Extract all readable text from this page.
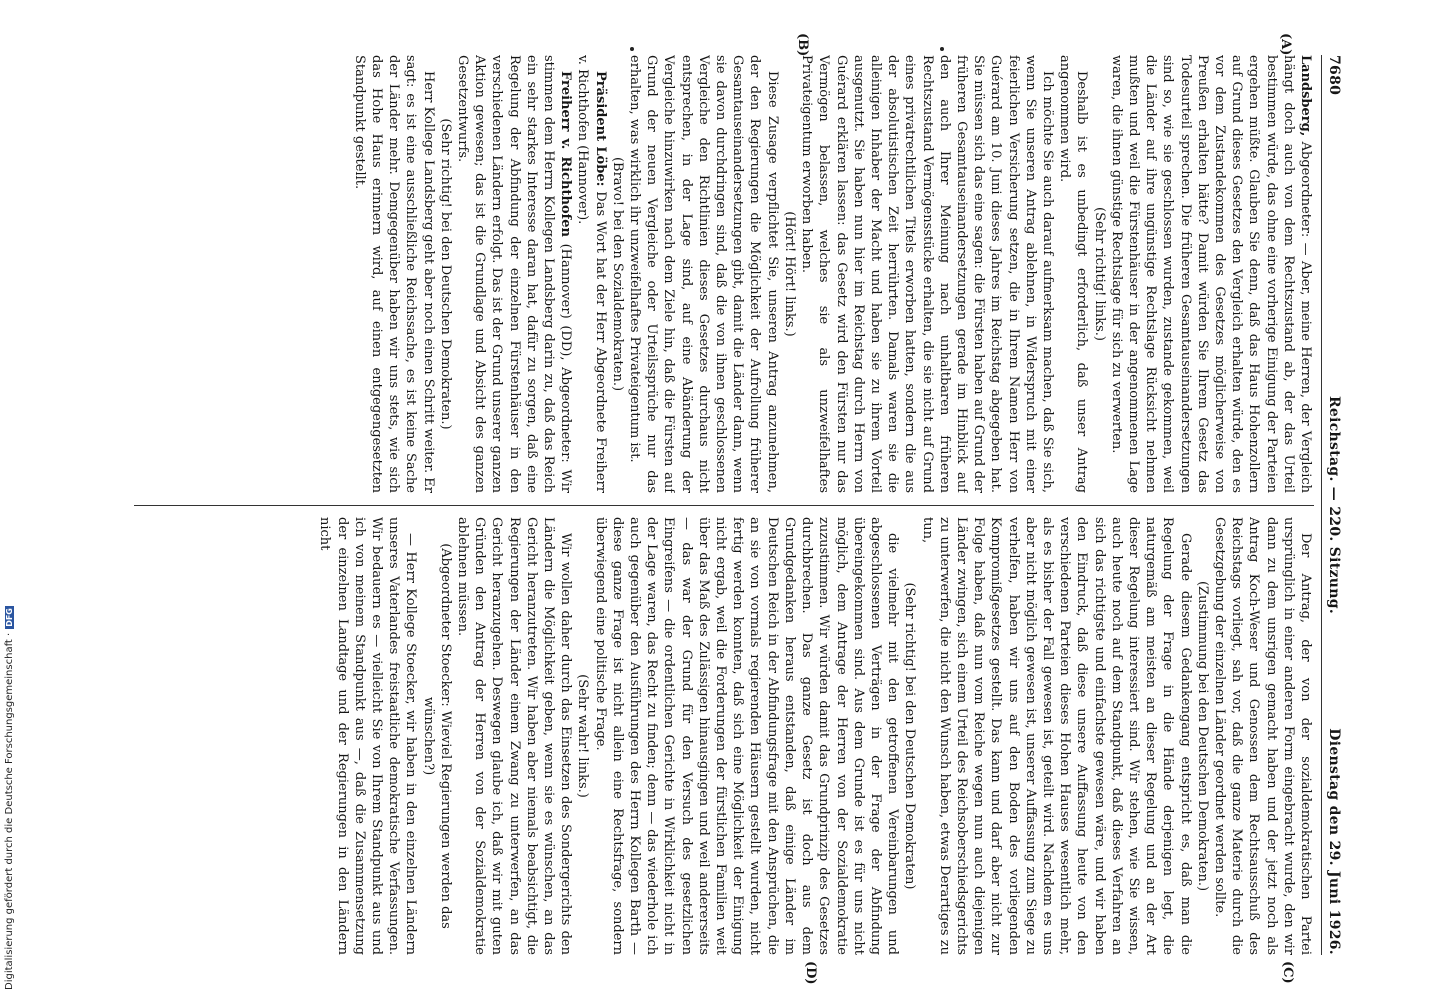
Reichstag. — 220. Sitzung.
7680
Dienstag den 29. Juni 1926.
(A)
(B)
(C)
(D)

Landsberg, Abgeordneter: — Aber, meine Herren, der Vergleich hängt doch auch von dem Rechtszustand ab, der das Urteil bestimmen würde, das ohne eine vorherige Einigung der Parteien ergehen müßte. Glauben Sie denn, daß das Haus Hohenzollern auf Grund dieses Gesetzes den Vergleich erhalten würde, den es vor dem Zustandekommen des Gesetzes möglicherweise von Preußen erhalten hätte? Damit würden Sie Ihrem Gesetz das Todesurteil sprechen. Die früheren Gesamtauseinandersetzungen sind so, wie sie geschlossen wurden, zustande gekommen, weil die Länder auf ihre ungünstige Rechtslage Rücksicht nehmen mußten und weil die Fürstenhäuser in der angenommenen Lage waren, die ihnen günstige Rechtslage für sich zu verwerten.

(Sehr richtig! links.)

Deshalb ist es unbedingt erforderlich, daß unser Antrag angenommen wird.

Ich möchte Sie auch darauf aufmerksam machen, daß Sie sich, wenn Sie unseren Antrag ablehnen, in Widerspruch mit einer feierlichen Versicherung setzen, die in Ihrem Namen Herr von Guérard am 10. Juni dieses Jahres im Reichstag abgegeben hat. Sie müssen sich das eine sagen: die Fürsten haben auf Grund der früheren Gesamtauseinandersetzungen gerade im Hinblick auf den auch Ihrer Meinung nach unhaltbaren früheren Rechtszustand Vermögensstücke erhalten, die sie nicht auf Grund eines privatrechtlichen Titels erworben hatten, sondern die aus der absolutistischen Zeit herrührten. Damals waren sie die alleinigen Inhaber der Macht und haben sie zu ihrem Vorteil ausgenutzt. Sie haben nun hier im Reichstag durch Herrn von Guérard erklären lassen: das Gesetz wird den Fürsten nur das Vermögen belassen, welches sie als unzweifelhaftes Privateigentum erworben haben.

(Hört! Hört! links.)

Diese Zusage verpflichtet Sie, unseren Antrag anzunehmen, der den Regierungen die Möglichkeit der Aufrollung früherer Gesamtauseinandersetzungen gibt, damit die Länder dann, wenn sie davon durchdringen sind, daß die von ihnen geschlossenen Vergleiche den Richtlinien dieses Gesetzes durchaus nicht entsprechen, in der Lage sind, auf eine Abänderung der Vergleiche hinzuwirken nach dem Ziele hin, daß die Fürsten auf Grund der neuen Vergleiche oder Urteilssprüche nur das erhalten, was wirklich ihr unzweifelhaftes Privateigentum ist.

(Bravo! bei den Sozialdemokraten.)

Präsident Löbe: Das Wort hat der Herr Abgeordnete Freiherr v. Richthofen (Hannover).

Freiherr v. Richthofen (Hannover) (DD), Abgeordneter: Wir stimmen dem Herrn Kollegen Landsberg darin zu, daß das Reich ein sehr starkes Interesse daran hat, dafür zu sorgen, daß eine Regelung der Abfindung der einzelnen Fürstenhäuser in den verschiedenen Ländern erfolgt. Das ist der Grund unserer ganzen Aktion gewesen; das ist die Grundlage und Absicht des ganzen Gesetzentwurfs.

(Sehr richtig! bei den Deutschen Demokraten.)

Herr Kollege Landsberg geht aber noch einen Schritt weiter. Er sagt: es ist eine ausschließliche Reichssache, es ist keine Sache der Länder mehr. Demgegenüber haben wir uns stets, wie sich das Hohe Haus erinnern wird, auf einen entgegengesetzten Standpunkt gestellt.

Der Antrag, der von der sozialdemokratischen Partei ursprünglich in einer anderen Form eingebracht wurde, den wir dann zu dem unsrigen gemacht haben und der jetzt noch als Antrag Koch-Weser und Genossen dem Rechtsausschuß des Reichstags vorliegt, sah vor, daß die ganze Materie durch die Gesetzgebung der einzelnen Länder geordnet werden sollte.

(Zustimmung bei den Deutschen Demokraten.)

Gerade diesem Gedankengang entspricht es, daß man die Regelung der Frage in die Hände derjenigen legt, die naturgemäß am meisten an dieser Regelung und an der Art dieser Regelung interessiert sind. Wir stehen, wie Sie wissen, auch heute noch auf dem Standpunkt, daß dieses Verfahren an sich das richtigste und einfachste gewesen wäre, und wir haben den Eindruck, daß diese unsere Auffassung heute von den verschiedenen Parteien dieses Hohen Hauses wesentlich mehr, als es bisher der Fall gewesen ist, geteilt wird. Nachdem es uns aber nicht möglich gewesen ist, unserer Auffassung zum Siege zu verhelfen, haben wir uns auf den Boden des vorliegenden Kompromißgesetzes gestellt. Das kann und darf aber nicht zur Folge haben, daß nun vom Reiche wegen nun auch diejenigen Länder zwingen, sich einem Urteil des Reichsoberschiedsgerichts zu unterwerfen, die nicht den Wunsch haben, etwas Derartiges zu tun,

(Sehr richtig! bei den Deutschen Demokraten)

die vielmehr mit den getroffenen Vereinbarungen und abgeschlossenen Verträgen in der Frage der Abfindung übereingekommen sind. Aus dem Grunde ist es für uns nicht möglich, dem Antrage der Herren von der Sozialdemokratie zuzustimmen. Wir würden damit das Grundprinzip des Gesetzes durchbrechen. Das ganze Gesetz ist doch aus dem Grundgedanken heraus entstanden, daß einige Länder im Deutschen Reich in der Abfindungsfrage mit den Ansprüchen, die an sie von vormals regierenden Häusern gestellt wurden, nicht fertig werden konnten, daß sich eine Möglichkeit der Einigung nicht ergab, weil die Forderungen der fürstlichen Familien weit über das Maß des Zulässigen hinausgingen und weil andererseits — das war der Grund für den Versuch des gesetzlichen Eingreifens — die ordentlichen Gerichte in Wirklichkeit nicht in der Lage waren, das Recht zu finden; denn — das wiederhole ich auch gegenüber den Ausführungen des Herrn Kollegen Barth — diese ganze Frage ist nicht allein eine Rechtsfrage, sondern überwiegend eine politische Frage.

(Sehr wahr! links.)

Wir wollen daher durch das Einsetzen des Sondergerichts den Ländern die Möglichkeit geben, wenn sie es wünschen, an das Gericht heranzutreten. Wir haben aber niemals beabsichtigt, die Regierungen der Länder einem Zwang zu unterwerfen, an das Gericht heranzugehen. Deswegen glaube ich, daß wir mit guten Gründen den Antrag der Herren von der Sozialdemokratie ablehnen müssen.

(Abgeordneter Stoecker: Wieviel Regierungen werden das wünschen?)

— Herr Kollege Stoecker, wir haben in den einzelnen Ländern unseres Vaterlandes freistaatliche demokratische Verfassungen. Wir bedauern es — vielleicht Sie von Ihrem Standpunkt aus und ich von meinem Standpunkt aus —, daß die Zusammensetzung der einzelnen Landtage und der Regierungen in den Ländern nicht

Digitalisierung gefördert durch die Deutsche Forschungsgemeinschaft ·DFG
